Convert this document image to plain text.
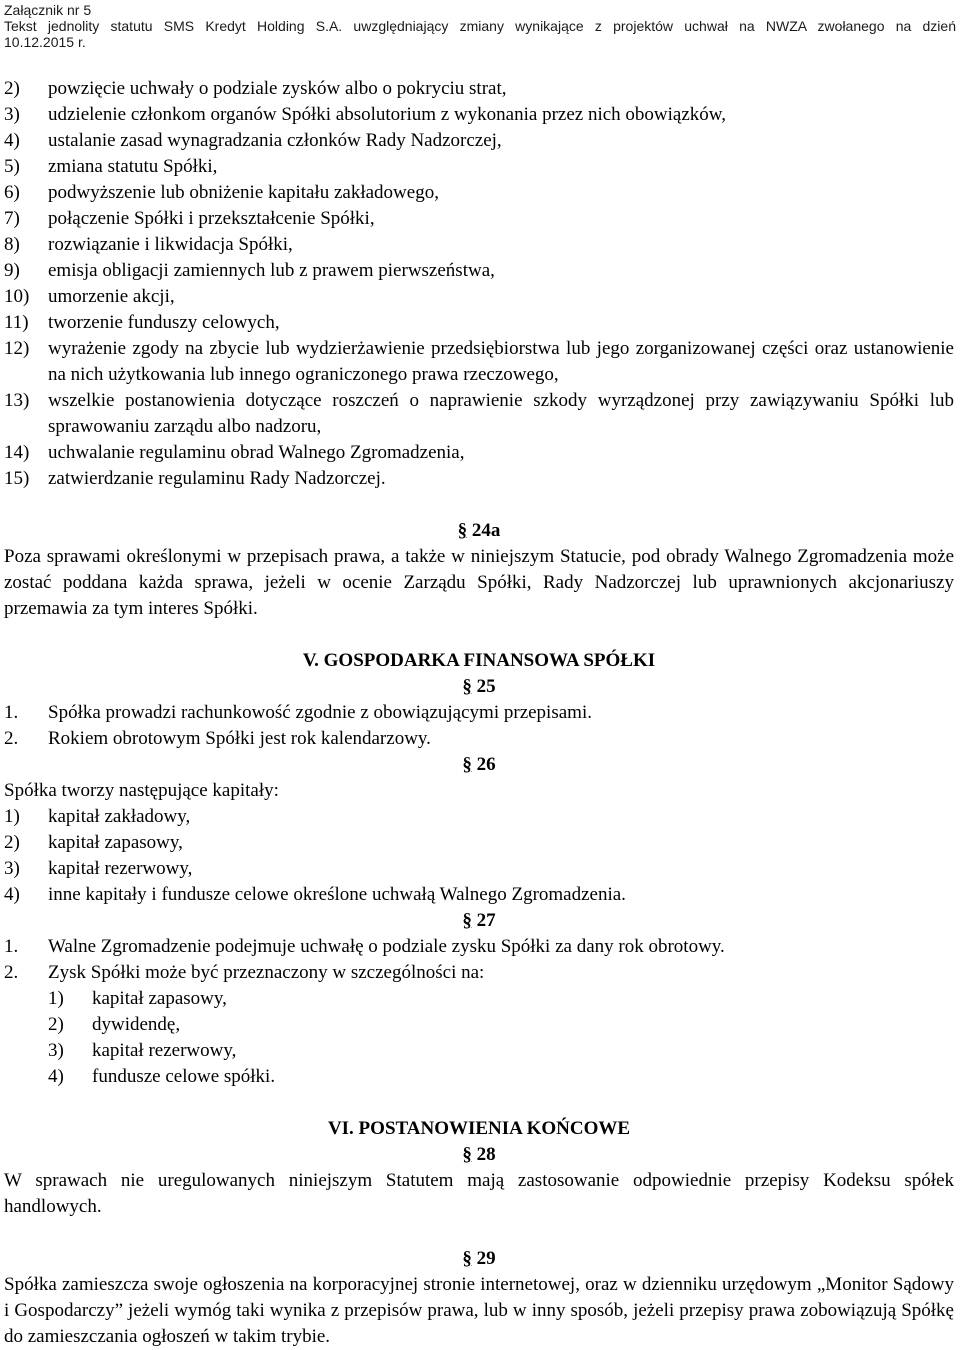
Załącznik nr 5
Tekst jednolity statutu SMS Kredyt Holding S.A. uwzględniający zmiany wynikające z projektów uchwał na NWZA zwołanego na dzień
10.12.2015 r.
2)	powzięcie uchwały o podziale zysków albo o pokryciu strat,
3)	udzielenie członkom organów Spółki absolutorium z wykonania przez nich obowiązków,
4)	ustalanie zasad wynagradzania członków Rady Nadzorczej,
5)	zmiana statutu Spółki,
6)	podwyższenie lub obniżenie kapitału zakładowego,
7)	połączenie Spółki i przekształcenie Spółki,
8)	rozwiązanie i likwidacja Spółki,
9)	emisja obligacji zamiennych lub z prawem pierwszeństwa,
10) umorzenie akcji,
11)	tworzenie funduszy celowych,
12) wyrażenie zgody na zbycie lub wydzierżawienie przedsiębiorstwa lub jego zorganizowanej części oraz ustanowienie na nich użytkowania lub innego ograniczonego prawa rzeczowego,
13) wszelkie postanowienia dotyczące roszczeń o naprawienie szkody wyrządzonej przy zawiązywaniu Spółki lub sprawowaniu zarządu albo nadzoru,
14) uchwalanie regulaminu obrad Walnego Zgromadzenia,
15) zatwierdzanie regulaminu Rady Nadzorczej.
§ 24a
Poza sprawami określonymi w przepisach prawa, a także w niniejszym Statucie, pod obrady Walnego Zgromadzenia może zostać poddana każda sprawa, jeżeli w ocenie Zarządu Spółki, Rady Nadzorczej lub uprawnionych akcjonariuszy przemawia za tym interes Spółki.
V. GOSPODARKA FINANSOWA SPÓŁKI
§ 25
1.	Spółka prowadzi rachunkowość zgodnie z obowiązującymi przepisami.
2.	Rokiem obrotowym Spółki jest rok kalendarzowy.
§ 26
Spółka tworzy następujące kapitały:
1)	kapitał zakładowy,
2)	kapitał zapasowy,
3)	kapitał rezerwowy,
4)	inne kapitały i fundusze celowe określone uchwałą Walnego Zgromadzenia.
§ 27
1.	Walne Zgromadzenie podejmuje uchwałę o podziale zysku Spółki za dany rok obrotowy.
2.	Zysk Spółki może być przeznaczony w szczególności na:
1)	kapitał zapasowy,
2)	dywidendę,
3)	kapitał rezerwowy,
4)	fundusze celowe spółki.
VI. POSTANOWIENIA KOŃCOWE
§ 28
W sprawach nie uregulowanych niniejszym Statutem mają zastosowanie odpowiednie przepisy Kodeksu spółek handlowych.
§ 29
Spółka zamieszcza swoje ogłoszenia na korporacyjnej stronie internetowej, oraz w dzienniku urzędowym „Monitor Sądowy i Gospodarczy” jeżeli wymóg taki wynika z przepisów prawa, lub w inny sposób, jeżeli przepisy prawa zobowiązują Spółkę do zamieszczania ogłoszeń w takim trybie.
